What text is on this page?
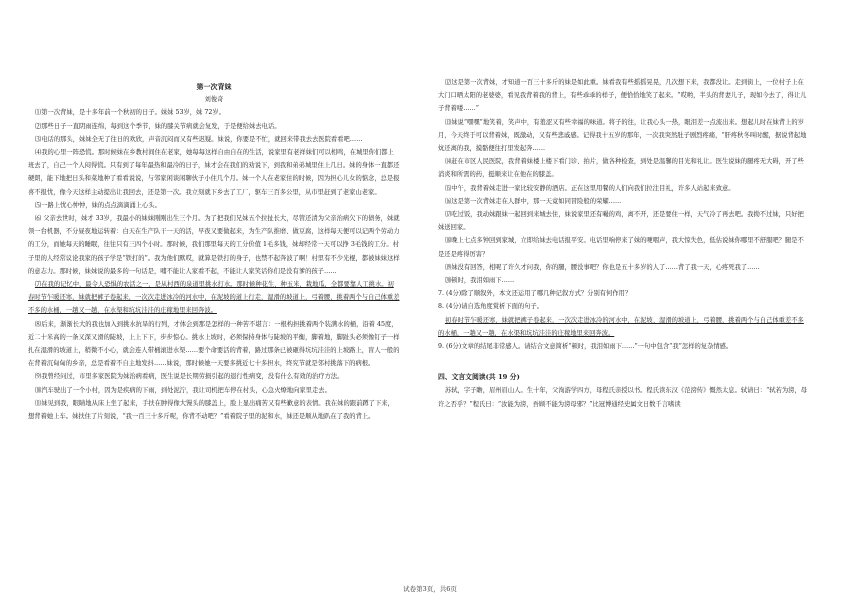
第一次背妹
刘俊奇

⑴第一次背妹，是十多年前一个秋初的日子。妹妹 53岁，妹 72岁。

⑵那些日子一直阴雨连绵，每到这个季节，妹的膝关节病就会复发，于是便给妹去电话。

⑶电话的那头，妹妹全无了往日的欢欣，声音沉闷而又有些迟疑。妹说，你要是不忙，就回来带我去去医院看看吧……

⑷我的心里一阵恐慌。那时候妹在乡教村间住在老家，她每每这样自由自在的生活，说家里有老祥妹们可以相鸣，在城里你们都上班去了，自己一个人闷得慌。只有到了每年最热和最冷的日子，妹才会在我们的劝说下，到我和弟弟城里住上几日。妹的身体一直都还硬朗，能下地把日头和菜地种了看看说说，与邻家闲谈闲聊伙子小住几个月。妹一个人在老家住的时候，因为担心儿女的惦念，总是报喜不报忧，像今天这样主动提出让我回去，还是第一次。我立刻就下乡去了工厂，驱车三百多公里，从市里赶到了老家山老家。

⑸一路上忧心忡忡，妹的点点滴滴涌上心头。

⑹ 父亲去世时，妹才 33岁，我最小的妹妹刚刚出生三个月。为了把我们兄妹五个拉扯长大，尽管还清为父亲治病欠下的债务，妹就领一台机器，不分昼夜地运转着：白天在生产队干一天的活，早夜又要做起来，为生产队推磨、做豆腐，这样每天便可以记两个劳动力的工分，而她每天的睡眠，往往只有三四个小时。那时候，我们那里每天的工分价值 1毛多钱，妹却经常一天可以挣 3毛钱的工分。村子里的人经常议论我家的孩子学是“铁打的”。我为他们默哎，就算是铁打的身子，也禁不起奔波了啊！村里有不少光棍，都被妹妹这样的意志力。那时候，妹妹说的最多的一句话是，哺不能让人家看不起，不能让人家笑话你们是没有爹的孩子……

⑺在我的记忆中，最令人恐惧的农活之一，是从村西的泉道里挑水打水。那时候种花生、种玉米，栽地瓜，全都要靠人工挑水。初春时节乍暖还寒，妹就把裤子卷起来，一次次走进冰冷的河水中，在泥坡的道上行走，湿滑的坡道上，弓着腰，挑着两个与自己体重差不多的水桶，一趟又一趟，在水渠和坑坑洼洼的庄稼地里来回奔波。

⑻后来，渐渐长大的我也加入到挑水抗旱的行列，才体会到那是怎样的一种苦不堪言：一根构担挑着两个装满水的桶，沿着 45度，近二十米高的一条又深又滑的陡坡，上上下下，步步惊心。挑水上坡时，必须保持身体与陡坡的平衡，脚着地，脚趾头必须像钉子一样扎在湿滑的坡道上，稍微不小心，就会连人带桶滚进水渠……要个命要活的背着，路过那条已被砸得坑坑洼洼的上坡路上，盲人一般的在背着沉甸甸的乡亲，总是看着不自主地发抖……妹说，那时候她一天要多挑近七十多担水，终究节就是邻村挑落下的病根。

⑼我曾经问过，市里多家医院为妹治病看病，医生说是长期劳损引起的退行性病变，没有什么有效的治疗方法。

⑽汽车驶出了一个小村，因为是疾病的下雨，到处泥泞，我让司机把车停在村头，心急火燎地向家里走去。

⑾妹见到我，眼睛地从床上坐了起来，手扶在肿得像大馒头的膝盖上，脸上显出痛苦又有些歉意的表情。我在妹的跟前蹲了下来，想背着她上车。妹扶住了片刻说，“我一百三十多斤呢，你背不动吧？”看着院子里的泥和水，妹还是顺从地趴在了我的背上。

⑿这是第一次背妹，才知道一百三十多斤的妹是如此重。妹看我有些摇摇晃晃，几次想下来，我都没让。走到街上，一位村子上在大门口晒太阳的老婆婆，看见我背着我的背上，有些乖乖的样子，便恰恰地笑了起来。“哎哟，半头的背妻儿子，现如今去了，得让儿子背着喽……”

⒀妹说“嘿嘿”地笑着，笑声中，有羞涩又有些幸福的味道。将子的往，让我心头一热，眼泪差一点流出来。想起儿时在妹背上的岁月，今天终于可以背着妹，既激动，又有些悲戚感。记得我十五岁的那年，一次我突然肚子剧烈疼痛，“肝疼秋冬叫时醒，据说背起地炕还离的我，摸骼便往打里发起奔……

⒁赶在市区人民医院，我背着妹楼上楼下看门诊、拍片，做各种检查，到处是温馨的目光和礼让。医生说妹的腿疼无大碍，开了些消炎和所需的药，挺顺来让在他在的膝盖。

⒂中午，我背着妹走进一家比较安静的酒店。正在这里用餐的人们向我们拉注目礼，许多人站起来致意。

⒃这是第一次背妹走在人群中，那一天竟如同冒险般的荣耀……

⒄吃过饭，我动妹跟妹一起回到来城去住，妹说家里还有嘬的鸡，离不开，还是要住一样，天气冷了再去吧。我拗不过妹，只好把妹送回家。

⒅晚上七点多钟回到家城，立即给妹去电话报平安。电话里响停来了妹的哽咽声，我大惊失色，低估说妹你哪里不舒服吧？腿是不是还是疼得厉害？

⒆妹没有回答，相呢了许久才问我，你的腿，腰没事吧？你也是五十多岁的人了……背了我一天，心疼死我了……

⒇顿时，我泪如雨下……

7. (4分)除了顺叙外，本文还运用了哪几种记叙方式？分别有何作用？

8. (4分)请自选角度赏析下面的句子。

初春时节乍暖还寒，妹就把裤子卷起来，一次次走进冰冷的河水中，在泥坡、湿滑的坡道上，弓着腰，挑着两个与自己体重差不多的水桶，一趟又一趟，在水渠和坑坑洼洼的庄稼地里来回奔波。

9. (6分)文章的结尾非常感人。请结合文意简析“顿时，我泪如雨下……”一句中包含“我”怎样的复杂情感。

四、文言文阅读(共 19 分)

苏轼，字子瞻，眉州眉山人。生十年，父洵游学四方，母程氏亲授以书。程氏读东汉《范滂传》慨然太息。轼请曰：“轼若为滂，母许之否乎？”程氏曰：“汝能为滂，吾顾不能为滂母邪？”比冠博通经史属文日数千言嗜读

试卷第3页，共6页
